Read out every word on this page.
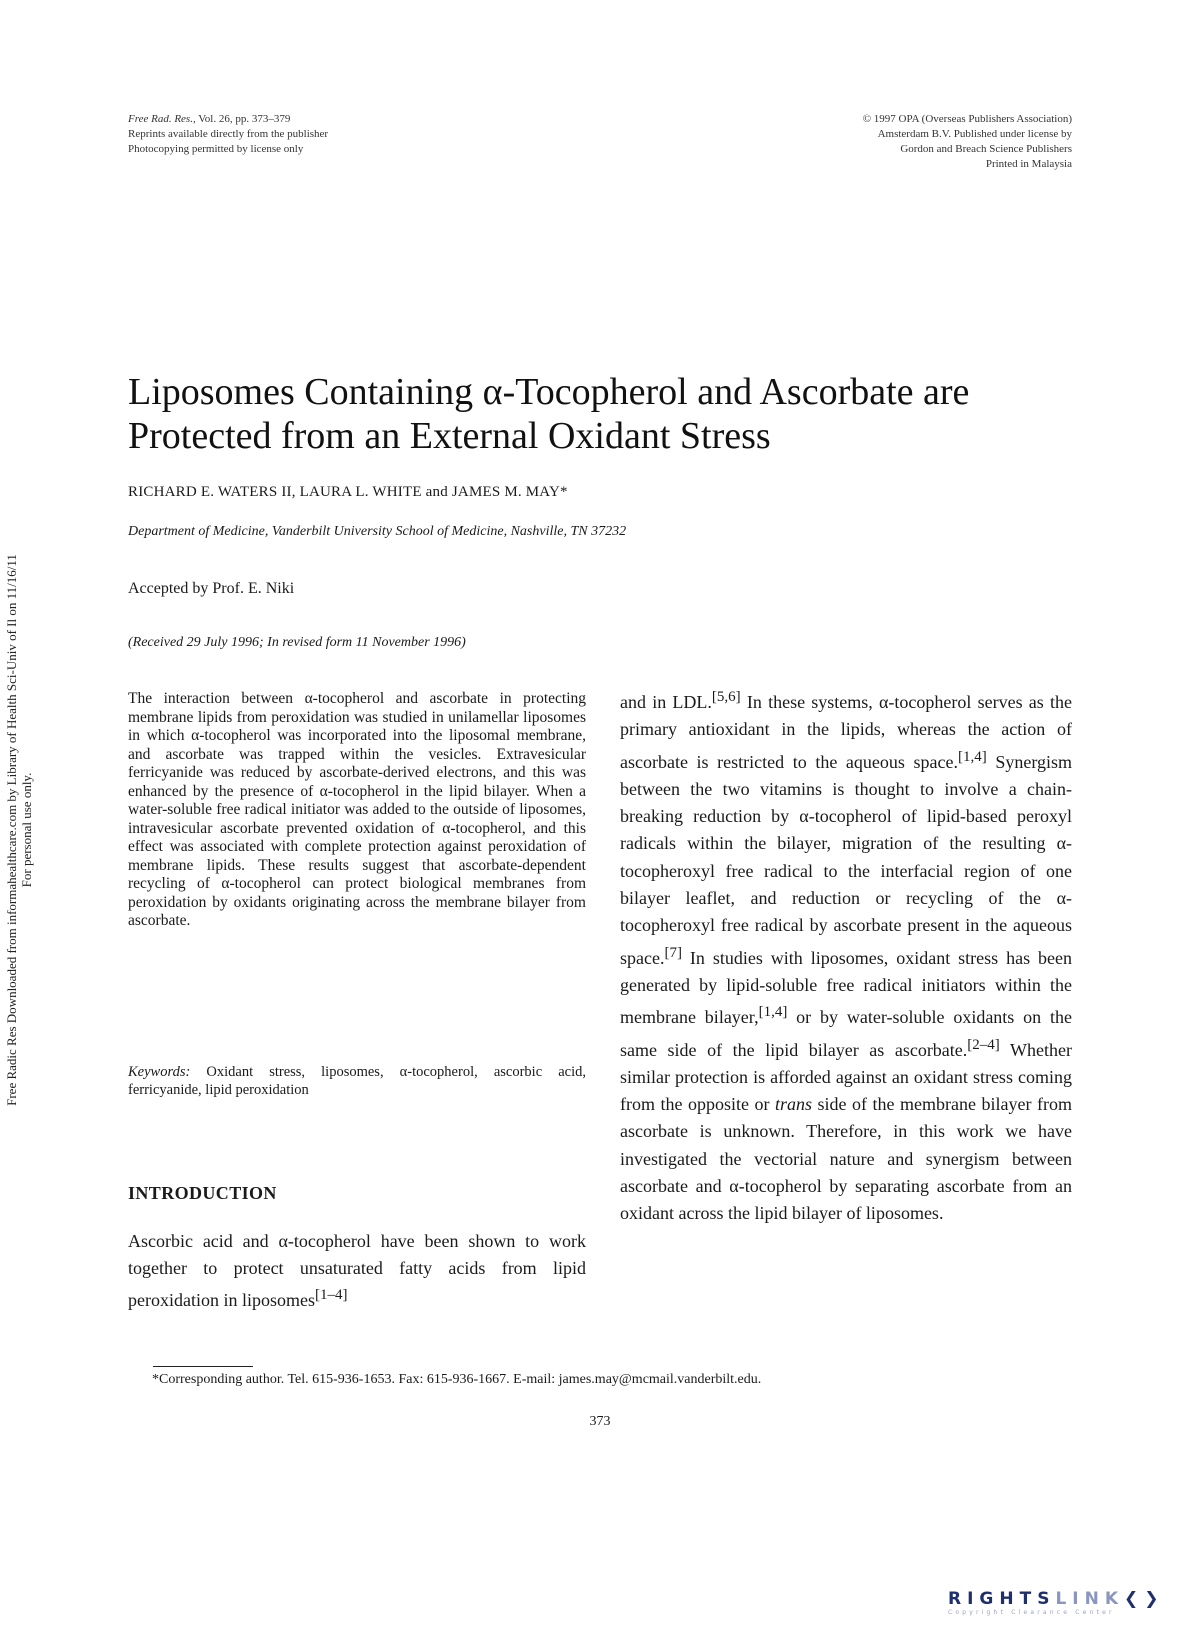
Free Rad. Res., Vol. 26, pp. 373–379
Reprints available directly from the publisher
Photocopying permitted by license only
© 1997 OPA (Overseas Publishers Association)
Amsterdam B.V. Published under license by
Gordon and Breach Science Publishers
Printed in Malaysia
Free Radic Res Downloaded from informahealthcare.com by Library of Health Sci-Univ of Il on 11/16/11 For personal use only.
Liposomes Containing α-Tocopherol and Ascorbate are
Protected from an External Oxidant Stress
RICHARD E. WATERS II, LAURA L. WHITE and JAMES M. MAY*
Department of Medicine, Vanderbilt University School of Medicine, Nashville, TN 37232
Accepted by Prof. E. Niki
(Received 29 July 1996; In revised form 11 November 1996)
The interaction between α-tocopherol and ascorbate in protecting membrane lipids from peroxidation was studied in unilamellar liposomes in which α-tocopherol was incorporated into the liposomal membrane, and ascorbate was trapped within the vesicles. Extravesicular ferricyanide was reduced by ascorbate-derived electrons, and this was enhanced by the presence of α-tocopherol in the lipid bilayer. When a water-soluble free radical initiator was added to the outside of liposomes, intravesicular ascorbate prevented oxidation of α-tocopherol, and this effect was associated with complete protection against peroxidation of membrane lipids. These results suggest that ascorbate-dependent recycling of α-tocopherol can protect biological membranes from peroxidation by oxidants originating across the membrane bilayer from ascorbate.
Keywords: Oxidant stress, liposomes, α-tocopherol, ascorbic acid, ferricyanide, lipid peroxidation
INTRODUCTION
Ascorbic acid and α-tocopherol have been shown to work together to protect unsaturated fatty acids from lipid peroxidation in liposomes[1–4]
and in LDL.[5,6] In these systems, α-tocopherol serves as the primary antioxidant in the lipids, whereas the action of ascorbate is restricted to the aqueous space.[1,4] Synergism between the two vitamins is thought to involve a chain-breaking reduction by α-tocopherol of lipid-based peroxyl radicals within the bilayer, migration of the resulting α-tocopheroxyl free radical to the interfacial region of one bilayer leaflet, and reduction or recycling of the α-tocopheroxyl free radical by ascorbate present in the aqueous space.[7] In studies with liposomes, oxidant stress has been generated by lipid-soluble free radical initiators within the membrane bilayer,[1,4] or by water-soluble oxidants on the same side of the lipid bilayer as ascorbate.[2–4] Whether similar protection is afforded against an oxidant stress coming from the opposite or trans side of the membrane bilayer from ascorbate is unknown. Therefore, in this work we have investigated the vectorial nature and synergism between ascorbate and α-tocopherol by separating ascorbate from an oxidant across the lipid bilayer of liposomes.
*Corresponding author. Tel. 615-936-1653. Fax: 615-936-1667. E-mail: james.may@mcmail.vanderbilt.edu.
373
RIGHTSLINK❮❯
Copyright Clearance Center
